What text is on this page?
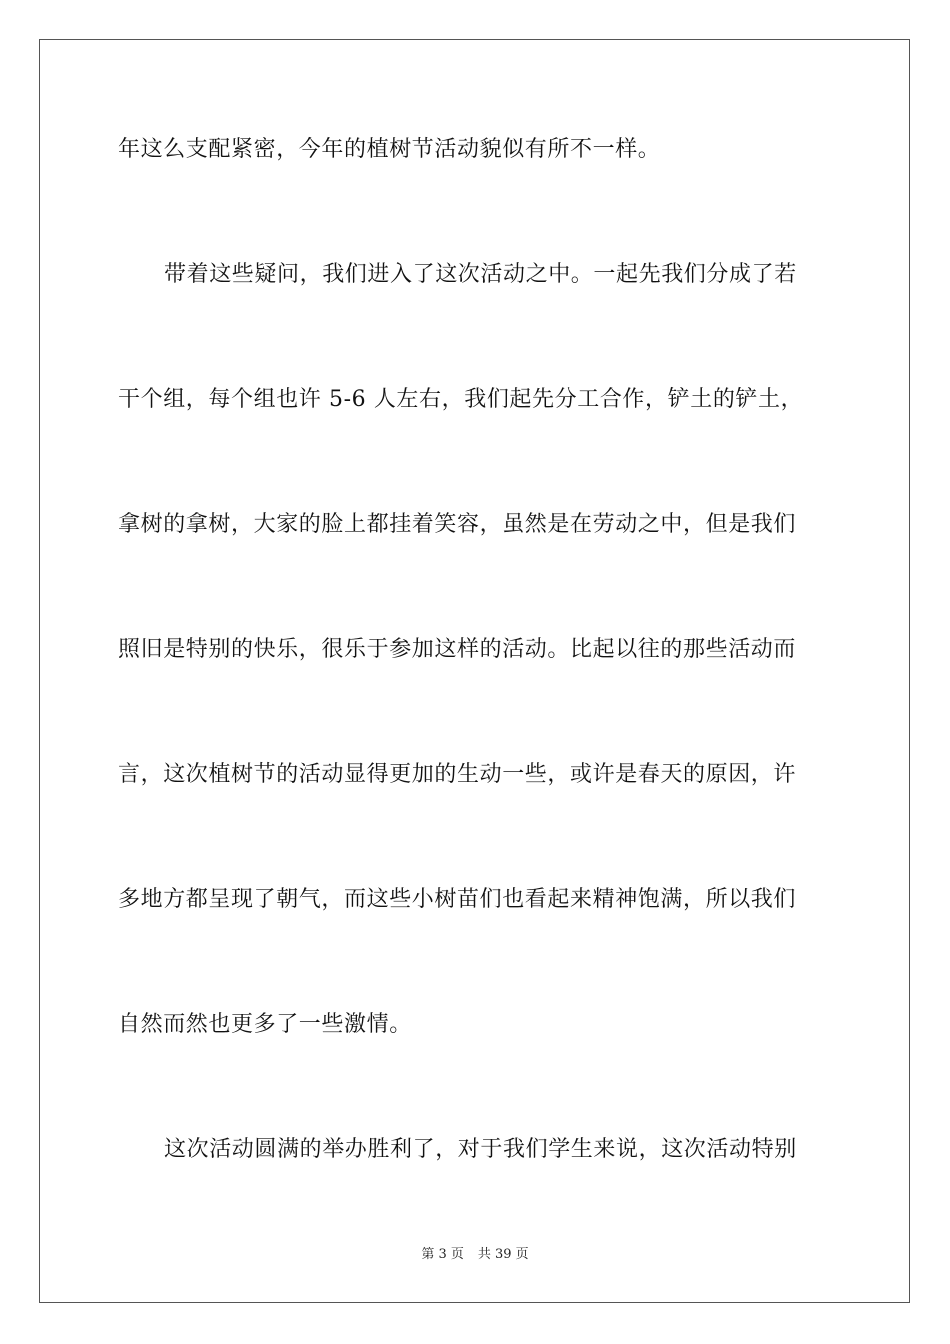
年这么支配紧密，今年的植树节活动貌似有所不一样。
带着这些疑问，我们进入了这次活动之中。一起先我们分成了若
干个组，每个组也许 5-6 人左右，我们起先分工合作，铲土的铲土，
拿树的拿树，大家的脸上都挂着笑容，虽然是在劳动之中，但是我们
照旧是特别的快乐，很乐于参加这样的活动。比起以往的那些活动而
言，这次植树节的活动显得更加的生动一些，或许是春天的原因，许
多地方都呈现了朝气，而这些小树苗们也看起来精神饱满，所以我们
自然而然也更多了一些激情。
这次活动圆满的举办胜利了，对于我们学生来说，这次活动特别
第 3 页 共 39 页
